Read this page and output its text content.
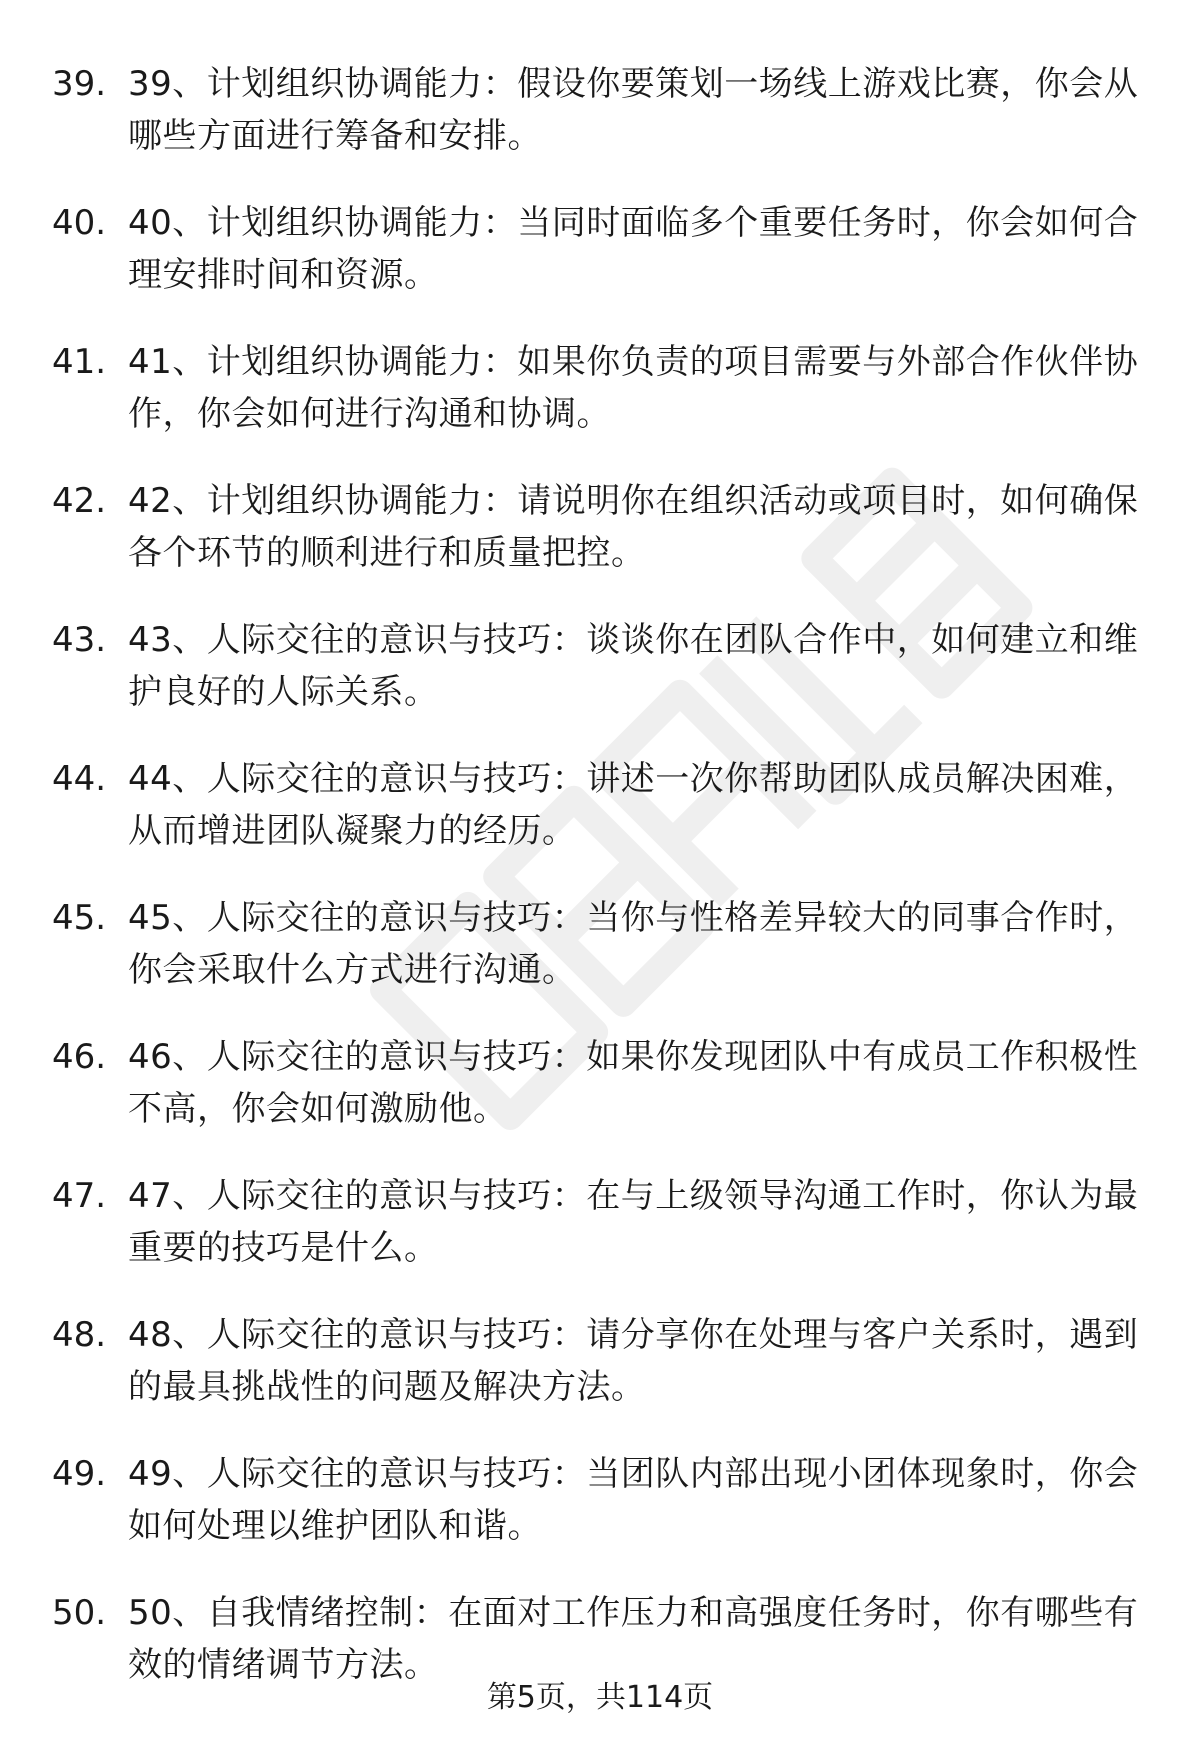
39. 39、计划组织协调能力：假设你要策划一场线上游戏比赛，你会从哪些方面进行筹备和安排。
40. 40、计划组织协调能力：当同时面临多个重要任务时，你会如何合理安排时间和资源。
41. 41、计划组织协调能力：如果你负责的项目需要与外部合作伙伴协作，你会如何进行沟通和协调。
42. 42、计划组织协调能力：请说明你在组织活动或项目时，如何确保各个环节的顺利进行和质量把控。
43. 43、人际交往的意识与技巧：谈谈你在团队合作中，如何建立和维护良好的人际关系。
44. 44、人际交往的意识与技巧：讲述一次你帮助团队成员解决困难，从而增进团队凝聚力的经历。
45. 45、人际交往的意识与技巧：当你与性格差异较大的同事合作时，你会采取什么方式进行沟通。
46. 46、人际交往的意识与技巧：如果你发现团队中有成员工作积极性不高，你会如何激励他。
47. 47、人际交往的意识与技巧：在与上级领导沟通工作时，你认为最重要的技巧是什么。
48. 48、人际交往的意识与技巧：请分享你在处理与客户关系时，遇到的最具挑战性的问题及解决方法。
49. 49、人际交往的意识与技巧：当团队内部出现小团体现象时，你会如何处理以维护团队和谐。
50. 50、自我情绪控制：在面对工作压力和高强度任务时，你有哪些有效的情绪调节方法。
第5页，共114页
